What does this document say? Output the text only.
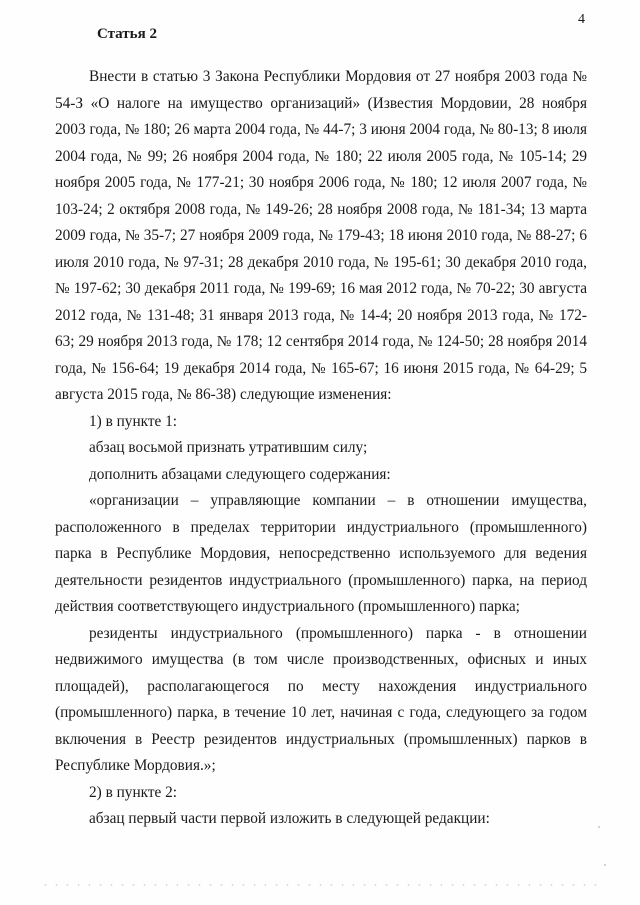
4
Статья 2

Внести в статью 3 Закона Республики Мордовия от 27 ноября 2003 года № 54-З «О налоге на имущество организаций» (Известия Мордовии, 28 ноября 2003 года, № 180; 26 марта 2004 года, № 44-7; 3 июня 2004 года, № 80-13; 8 июля 2004 года, № 99; 26 ноября 2004 года, № 180; 22 июля 2005 года, № 105-14; 29 ноября 2005 года, № 177-21; 30 ноября 2006 года, № 180; 12 июля 2007 года, № 103-24; 2 октября 2008 года, № 149-26; 28 ноября 2008 года, № 181-34; 13 марта 2009 года, № 35-7; 27 ноября 2009 года, № 179-43; 18 июня 2010 года, № 88-27; 6 июля 2010 года, № 97-31; 28 декабря 2010 года, № 195-61; 30 декабря 2010 года, № 197-62; 30 декабря 2011 года, № 199-69; 16 мая 2012 года, № 70-22; 30 августа 2012 года, № 131-48; 31 января 2013 года, № 14-4; 20 ноября 2013 года, № 172-63; 29 ноября 2013 года, № 178; 12 сентября 2014 года, № 124-50; 28 ноября 2014 года, № 156-64; 19 декабря 2014 года, № 165-67; 16 июня 2015 года, № 64-29; 5 августа 2015 года, № 86-38) следующие изменения:

1) в пункте 1:

абзац восьмой признать утратившим силу;

дополнить абзацами следующего содержания:

«организации – управляющие компании – в отношении имущества, расположенного в пределах территории индустриального (промышленного) парка в Республике Мордовия, непосредственно используемого для ведения деятельности резидентов индустриального (промышленного) парка, на период действия соответствующего индустриального (промышленного) парка;

резиденты индустриального (промышленного) парка - в отношении недвижимого имущества (в том числе производственных, офисных и иных площадей), располагающегося по месту нахождения индустриального (промышленного) парка, в течение 10 лет, начиная с года, следующего за годом включения в Реестр резидентов индустриальных (промышленных) парков в Республике Мордовия.»;

2) в пункте 2:

абзац первый части первой изложить в следующей редакции:
